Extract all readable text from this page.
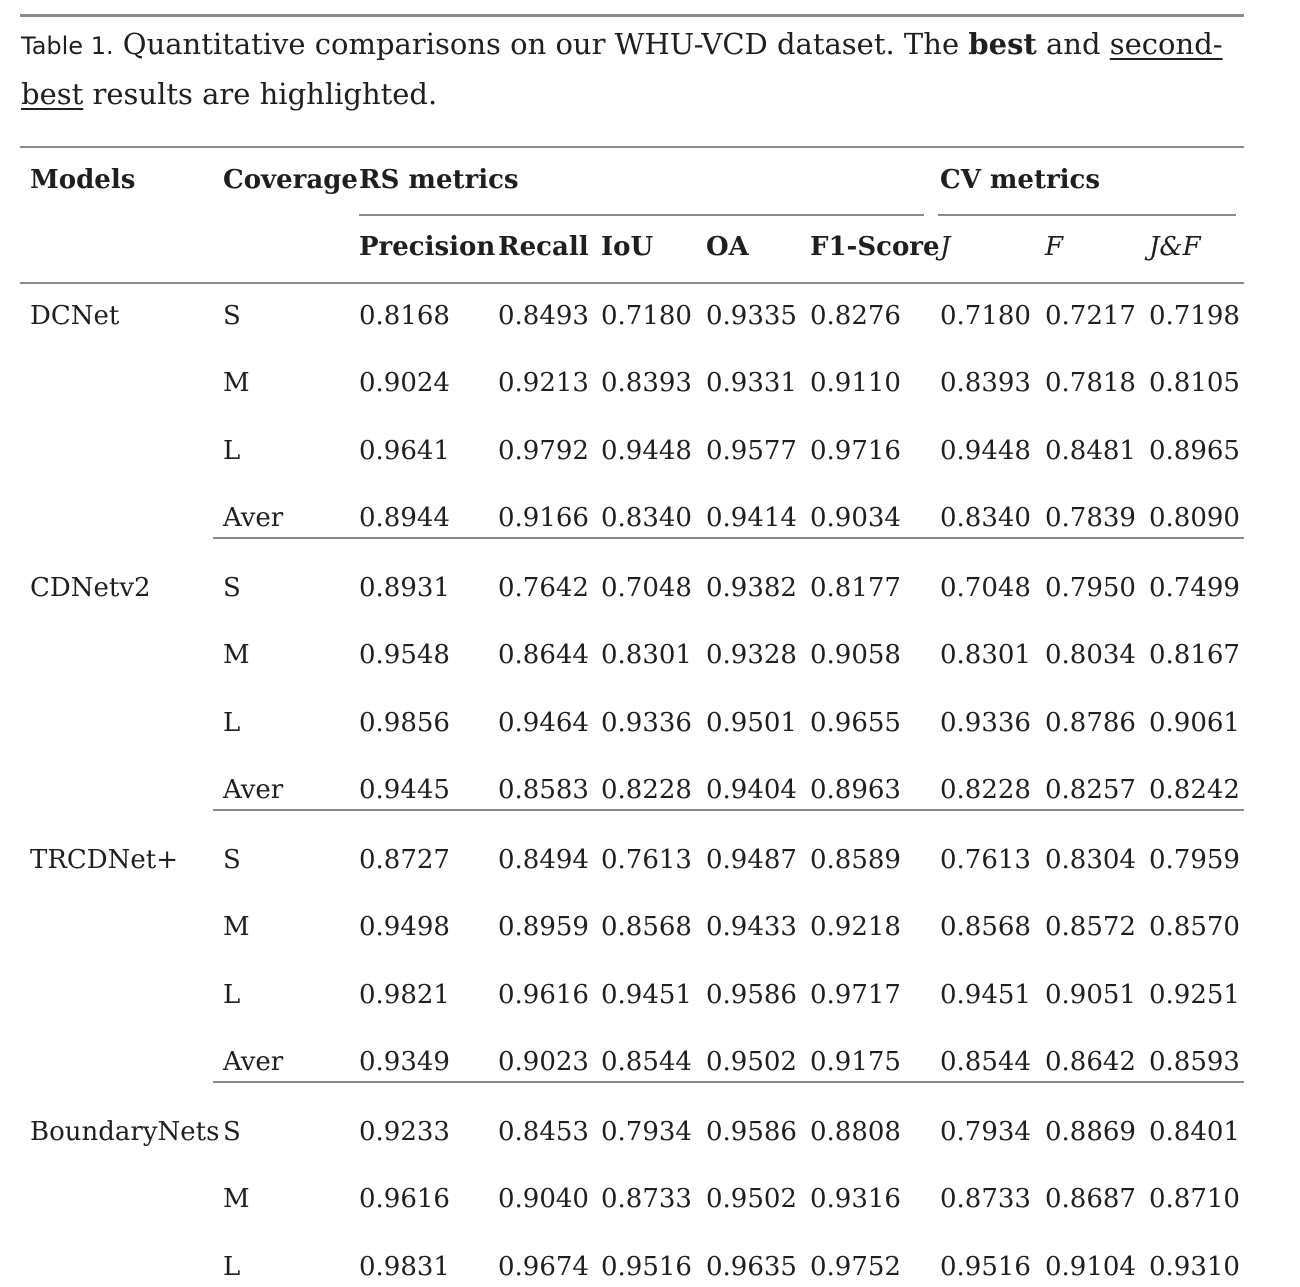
Table 1. Quantitative comparisons on our WHU-VCD dataset. The best and second-best results are highlighted.
Models	Coverage RS metrics	CV metrics
Precision Recall IoU OA F1-Score J	F	J&F
DCNet	S	0.8168 0.8493 0.7180 0.9335 0.8276 0.7180 0.7217 0.7198
M	0.9024 0.9213 0.8393 0.9331 0.9110 0.8393 0.7818 0.8105
L	0.9641 0.9792 0.9448 0.9577 0.9716 0.9448 0.8481 0.8965
Aver	0.8944 0.9166 0.8340 0.9414 0.9034 0.8340 0.7839 0.8090
CDNetv2	S	0.8931 0.7642 0.7048 0.9382 0.8177 0.7048 0.7950 0.7499
M	0.9548 0.8644 0.8301 0.9328 0.9058 0.8301 0.8034 0.8167
L	0.9856 0.9464 0.9336 0.9501 0.9655 0.9336 0.8786 0.9061
Aver	0.9445 0.8583 0.8228 0.9404 0.8963 0.8228 0.8257 0.8242
TRCDNet+ S	0.8727 0.8494 0.7613 0.9487 0.8589 0.7613 0.8304 0.7959
M	0.9498 0.8959 0.8568 0.9433 0.9218 0.8568 0.8572 0.8570
L	0.9821 0.9616 0.9451 0.9586 0.9717 0.9451 0.9051 0.9251
Aver	0.9349 0.9023 0.8544 0.9502 0.9175 0.8544 0.8642 0.8593
BoundaryNets S	0.9233 0.8453 0.7934 0.9586 0.8808 0.7934 0.8869 0.8401
M	0.9616 0.9040 0.8733 0.9502 0.9316 0.8733 0.8687 0.8710
L	0.9831 0.9674 0.9516 0.9635 0.9752 0.9516 0.9104 0.9310
